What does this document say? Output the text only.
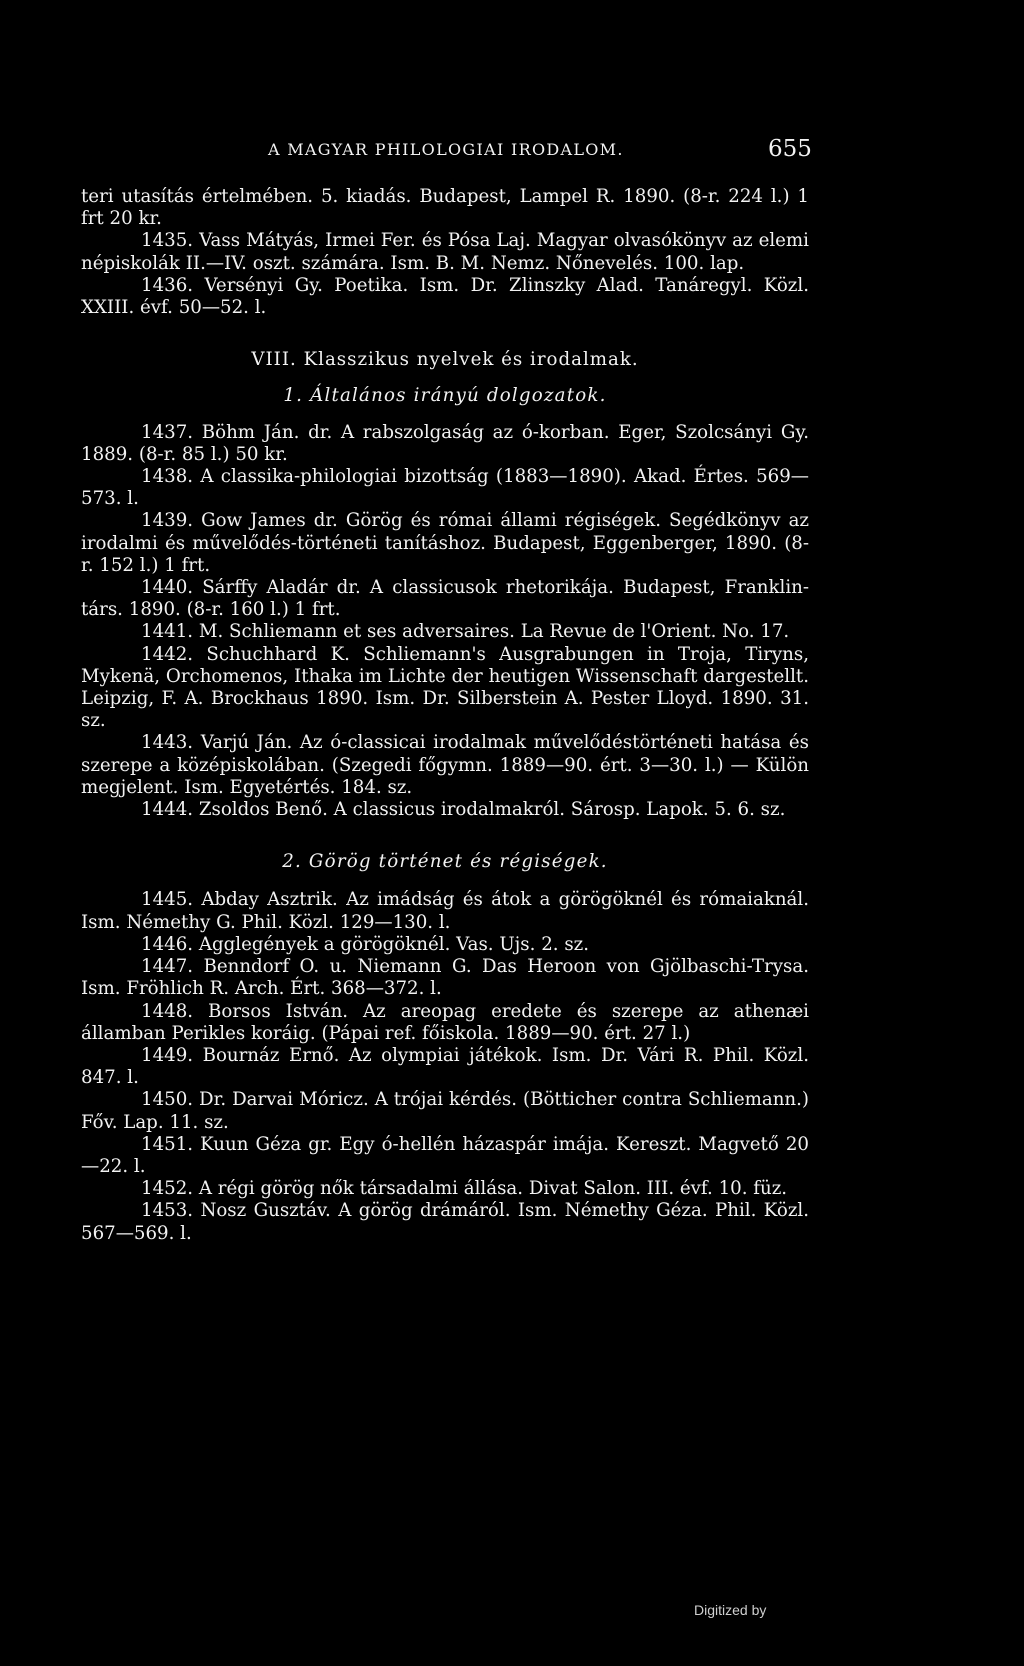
A MAGYAR PHILOLOGIAI IRODALOM.	655

teri utasítás értelmében. 5. kiadás. Budapest, Lampel R. 1890. (8-r. 224 l.) 1 frt 20 kr.

1435. Vass Mátyás, Irmei Fer. és Pósa Laj. Magyar olvasókönyv az elemi népiskolák II.—IV. oszt. számára. Ism. B. M. Nemz. Nőnevelés. 100. lap.

1436. Versényi Gy. Poetika. Ism. Dr. Zlinszky Alad. Tanáregyl. Közl. XXIII. évf. 50—52. l.

VIII. Klasszikus nyelvek és irodalmak.

1. Általános irányú dolgozatok.

1437. Böhm Ján. dr. A rabszolgaság az ó-korban. Eger, Szolcsányi Gy. 1889. (8-r. 85 l.) 50 kr.

1438. A classika-philologiai bizottság (1883—1890). Akad. Értes. 569—573. l.

1439. Gow James dr. Görög és római állami régiségek. Segédkönyv az irodalmi és művelődés-történeti tanításhoz. Budapest, Eggenberger, 1890. (8-r. 152 l.) 1 frt.

1440. Sárffy Aladár dr. A classicusok rhetorikája. Budapest, Franklin-társ. 1890. (8-r. 160 l.) 1 frt.

1441. M. Schliemann et ses adversaires. La Revue de l'Orient. No. 17.

1442. Schuchhard K. Schliemann's Ausgrabungen in Troja, Tiryns, Mykenä, Orchomenos, Ithaka im Lichte der heutigen Wissenschaft dargestellt. Leipzig, F. A. Brockhaus 1890. Ism. Dr. Silberstein A. Pester Lloyd. 1890. 31. sz.

1443. Varjú Ján. Az ó-classicai irodalmak művelődéstörténeti hatása és szerepe a középiskolában. (Szegedi főgymn. 1889—90. ért. 3—30. l.) — Külön megjelent. Ism. Egyetértés. 184. sz.

1444. Zsoldos Benő. A classicus irodalmakról. Sárosp. Lapok. 5. 6. sz.

2. Görög történet és régiségek.

1445. Abday Asztrik. Az imádság és átok a görögöknél és rómaiaknál. Ism. Némethy G. Phil. Közl. 129—130. l.

1446. Agglegények a görögöknél. Vas. Ujs. 2. sz.

1447. Benndorf O. u. Niemann G. Das Heroon von Gjölbaschi-Trysa. Ism. Fröhlich R. Arch. Ért. 368—372. l.

1448. Borsos István. Az areopag eredete és szerepe az athenæi államban Perikles koráig. (Pápai ref. főiskola. 1889—90. ért. 27 l.)

1449. Bournáz Ernő. Az olympiai játékok. Ism. Dr. Vári R. Phil. Közl. 847. l.

1450. Dr. Darvai Móricz. A trójai kérdés. (Bötticher contra Schliemann.) Főv. Lap. 11. sz.

1451. Kuun Géza gr. Egy ó-hellén házaspár imája. Kereszt. Magvető 20—22. l.

1452. A régi görög nők társadalmi állása. Divat Salon. III. évf. 10. füz.

1453. Nosz Gusztáv. A görög drámáról. Ism. Némethy Géza. Phil. Közl. 567—569. l.

Digitized by
